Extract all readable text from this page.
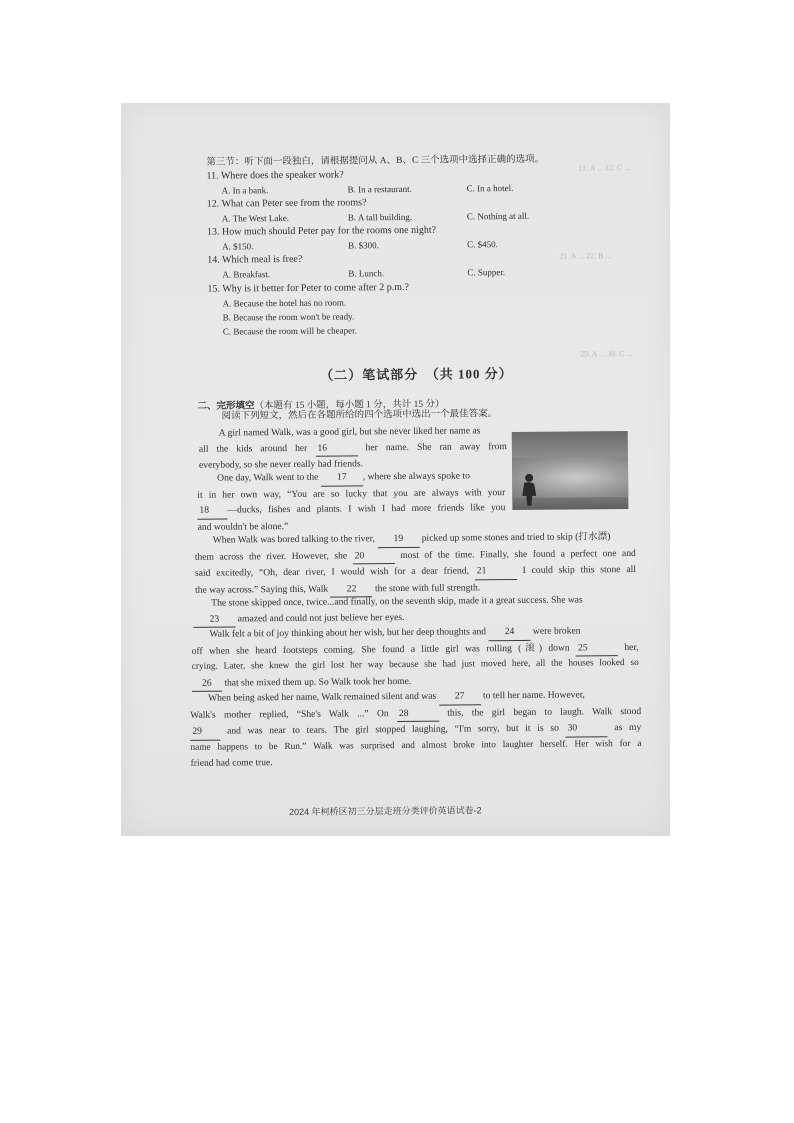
11. A ... 12. C ...
21. A ... 22. B ...
29. A ... 30. C ...
第三节：听下面一段独白，请根据提问从 A、B、C 三个选项中选择正确的选项。
11. Where does the speaker work?
A. In a bank.	B. In a restaurant.	C. In a hotel.
12. What can Peter see from the rooms?
A. The West Lake.	B. A tall building.	C. Nothing at all.
13. How much should Peter pay for the rooms one night?
A. $150.	B. $300.	C. $450.
14. Which meal is free?
A. Breakfast.	B. Lunch.	C. Supper.
15. Why is it better for Peter to come after 2 p.m.?
A. Because the hotel has no room.
B. Because the room won't be ready.
C. Because the room will be cheaper.
（二）笔试部分　（共 100 分）
二、完形填空（本题有 15 小题，每小题 1 分，共计 15 分）
阅读下列短文，然后在各题所给的四个选项中选出一个最佳答案。
A girl named Walk, was a good girl, but she never liked her name as
all the kids around her 16	her name. She ran away from
everybody, so she never really had friends.
One day, Walk went to the 17 , where she always spoke to
it in her own way, “You are so lucky that you are always with your
18 —ducks, fishes and plants. I wish I had more friends like you
and wouldn't be alone.”
When Walk was bored talking to the river, 19 picked up some stones and tried to skip (打水漂)
them across the river. However, she 20	most of the time. Finally, she found a perfect one and
said excitedly, “Oh, dear river, I would wish for a dear friend, 21	I could skip this stone all
the way across.” Saying this, Walk 22 the stone with full strength.
The stone skipped once, twice...and finally, on the seventh skip, made it a great success. She was
23 amazed and could not just believe her eyes.
Walk felt a bit of joy thinking about her wish, but her deep thoughts and 24 were broken
off when she heard footsteps coming. She found a little girl was rolling (滚) down 25	her,
crying. Later, she knew the girl lost her way because she had just moved here, all the houses looked so
26 that she mixed them up. So Walk took her home.
When being asked her name, Walk remained silent and was 27 to tell her name. However,
Walk's mother replied, “She's Walk ...” On 28	this, the girl began to laugh. Walk stood
29	and was near to tears. The girl stopped laughing, “I'm sorry, but it is so 30	as my
name happens to be Run.” Walk was surprised and almost broke into laughter herself. Her wish for a
friend had come true.
2024 年柯桥区初三分层走班分类评价英语试卷-2
